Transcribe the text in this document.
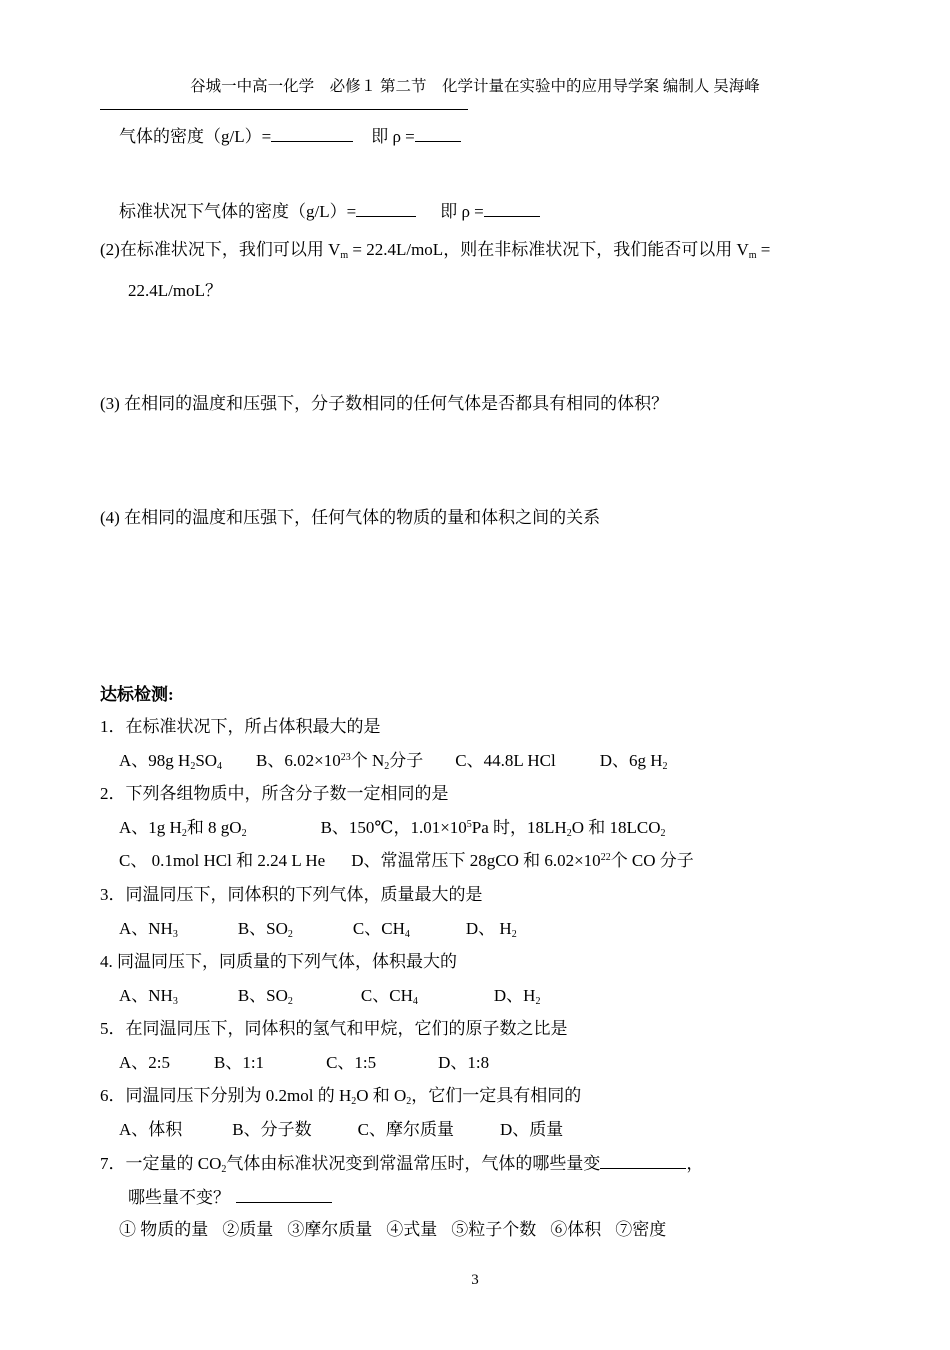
谷城一中高一化学　必修１ 第二节　化学计量在实验中的应用导学案 编制人 吴海峰
气体的密度（g/L）=	即 ρ =
标准状况下气体的密度（g/L）=	即 ρ =
(2)在标准状况下，我们可以用 $V_m = 22.4L/moL$，则在非标准状况下，我们能否可以用 $V_m$ =
22.4L/moL？
(3) 在相同的温度和压强下，分子数相同的任何气体是否都具有相同的体积？
(4) 在相同的温度和压强下，任何气体的物质的量和体积之间的关系
达标检测:
1．在标准状况下，所占体积最大的是
A、98g $H_2SO_4$ B、$6.02\times 10^{23}$个 $N_2$分子 C、44.8L HCl	D、6g $H_2$
2．下列各组物质中，所含分子数一定相同的是
A、1g $H_2$和 8 $gO_2$	B、150℃，$1.01\times 10^5Pa$ 时，$18LH_2O$ 和 $18LCO_2$
C、 0.1mol HCl 和 2.24 L He D、常温常压下 28gCO 和 $6.02\times 10^{22}$个 CO 分子
3．同温同压下，同体积的下列气体，质量最大的是
A、$NH_3$	B、$SO_2$	C、$CH_4$	D、 $H_2$
4. 同温同压下，同质量的下列气体，体积最大的
A、$NH_3$	B、$SO_2$	C、$CH_4$	D、$H_2$
5．在同温同压下，同体积的氢气和甲烷，它们的原子数之比是
A、2:5	B、1:1	C、1:5	D、1:8
6．同温同压下分别为 0.2mol 的 $H_2O$ 和 $O_2$，它们一定具有相同的
A、体积	B、分子数	C、摩尔质量	D、质量
7．一定量的 $CO_2$气体由标准状况变到常温常压时，气体的哪些量变	，
哪些量不变？
① 物质的量 ②质量 ③摩尔质量 ④式量 ⑤粒子个数 ⑥体积 ⑦密度
3
